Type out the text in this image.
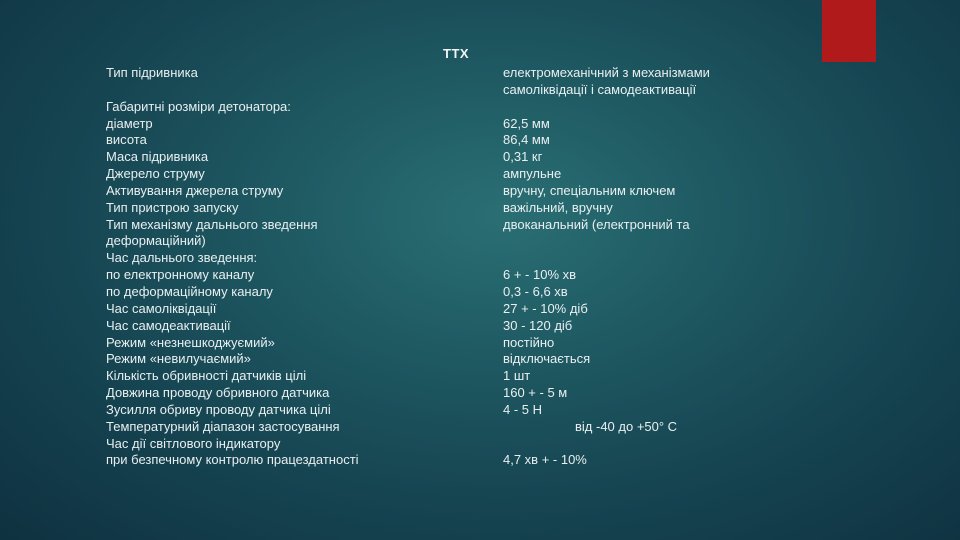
ТТХ
Тип підривника
Габаритні розміри детонатора:
діаметр
висота
Маса підривника
Джерело струму
Активування джерела струму
Тип пристрою запуску
Тип механізму дальнього зведення
деформаційний)
Час дальнього зведення:
по електронному каналу
по деформаційному каналу
Час самоліквідації
Час самодеактивації
Режим «незнешкоджуємий»
Режим «невилучаємий»
Кількість обривності датчиків цілі
Довжина проводу обривного датчика
Зусилля обриву проводу датчика цілі
Температурний діапазон застосування
Час дії світлового індикатору
при безпечному контролю працездатності
електромеханічний з механізмами
самоліквідації і самодеактивації
62,5 мм
86,4 мм
0,31 кг
ампульне
вручну, спеціальним ключем
важільний, вручну
двоканальний (електронний та
6 + - 10% хв
0,3 - 6,6 хв
27 + - 10% діб
30 - 120 діб
постійно
відключається
1 шт
160 + - 5 м
4 - 5 Н
від -40 до +50° С
4,7 хв + - 10%
